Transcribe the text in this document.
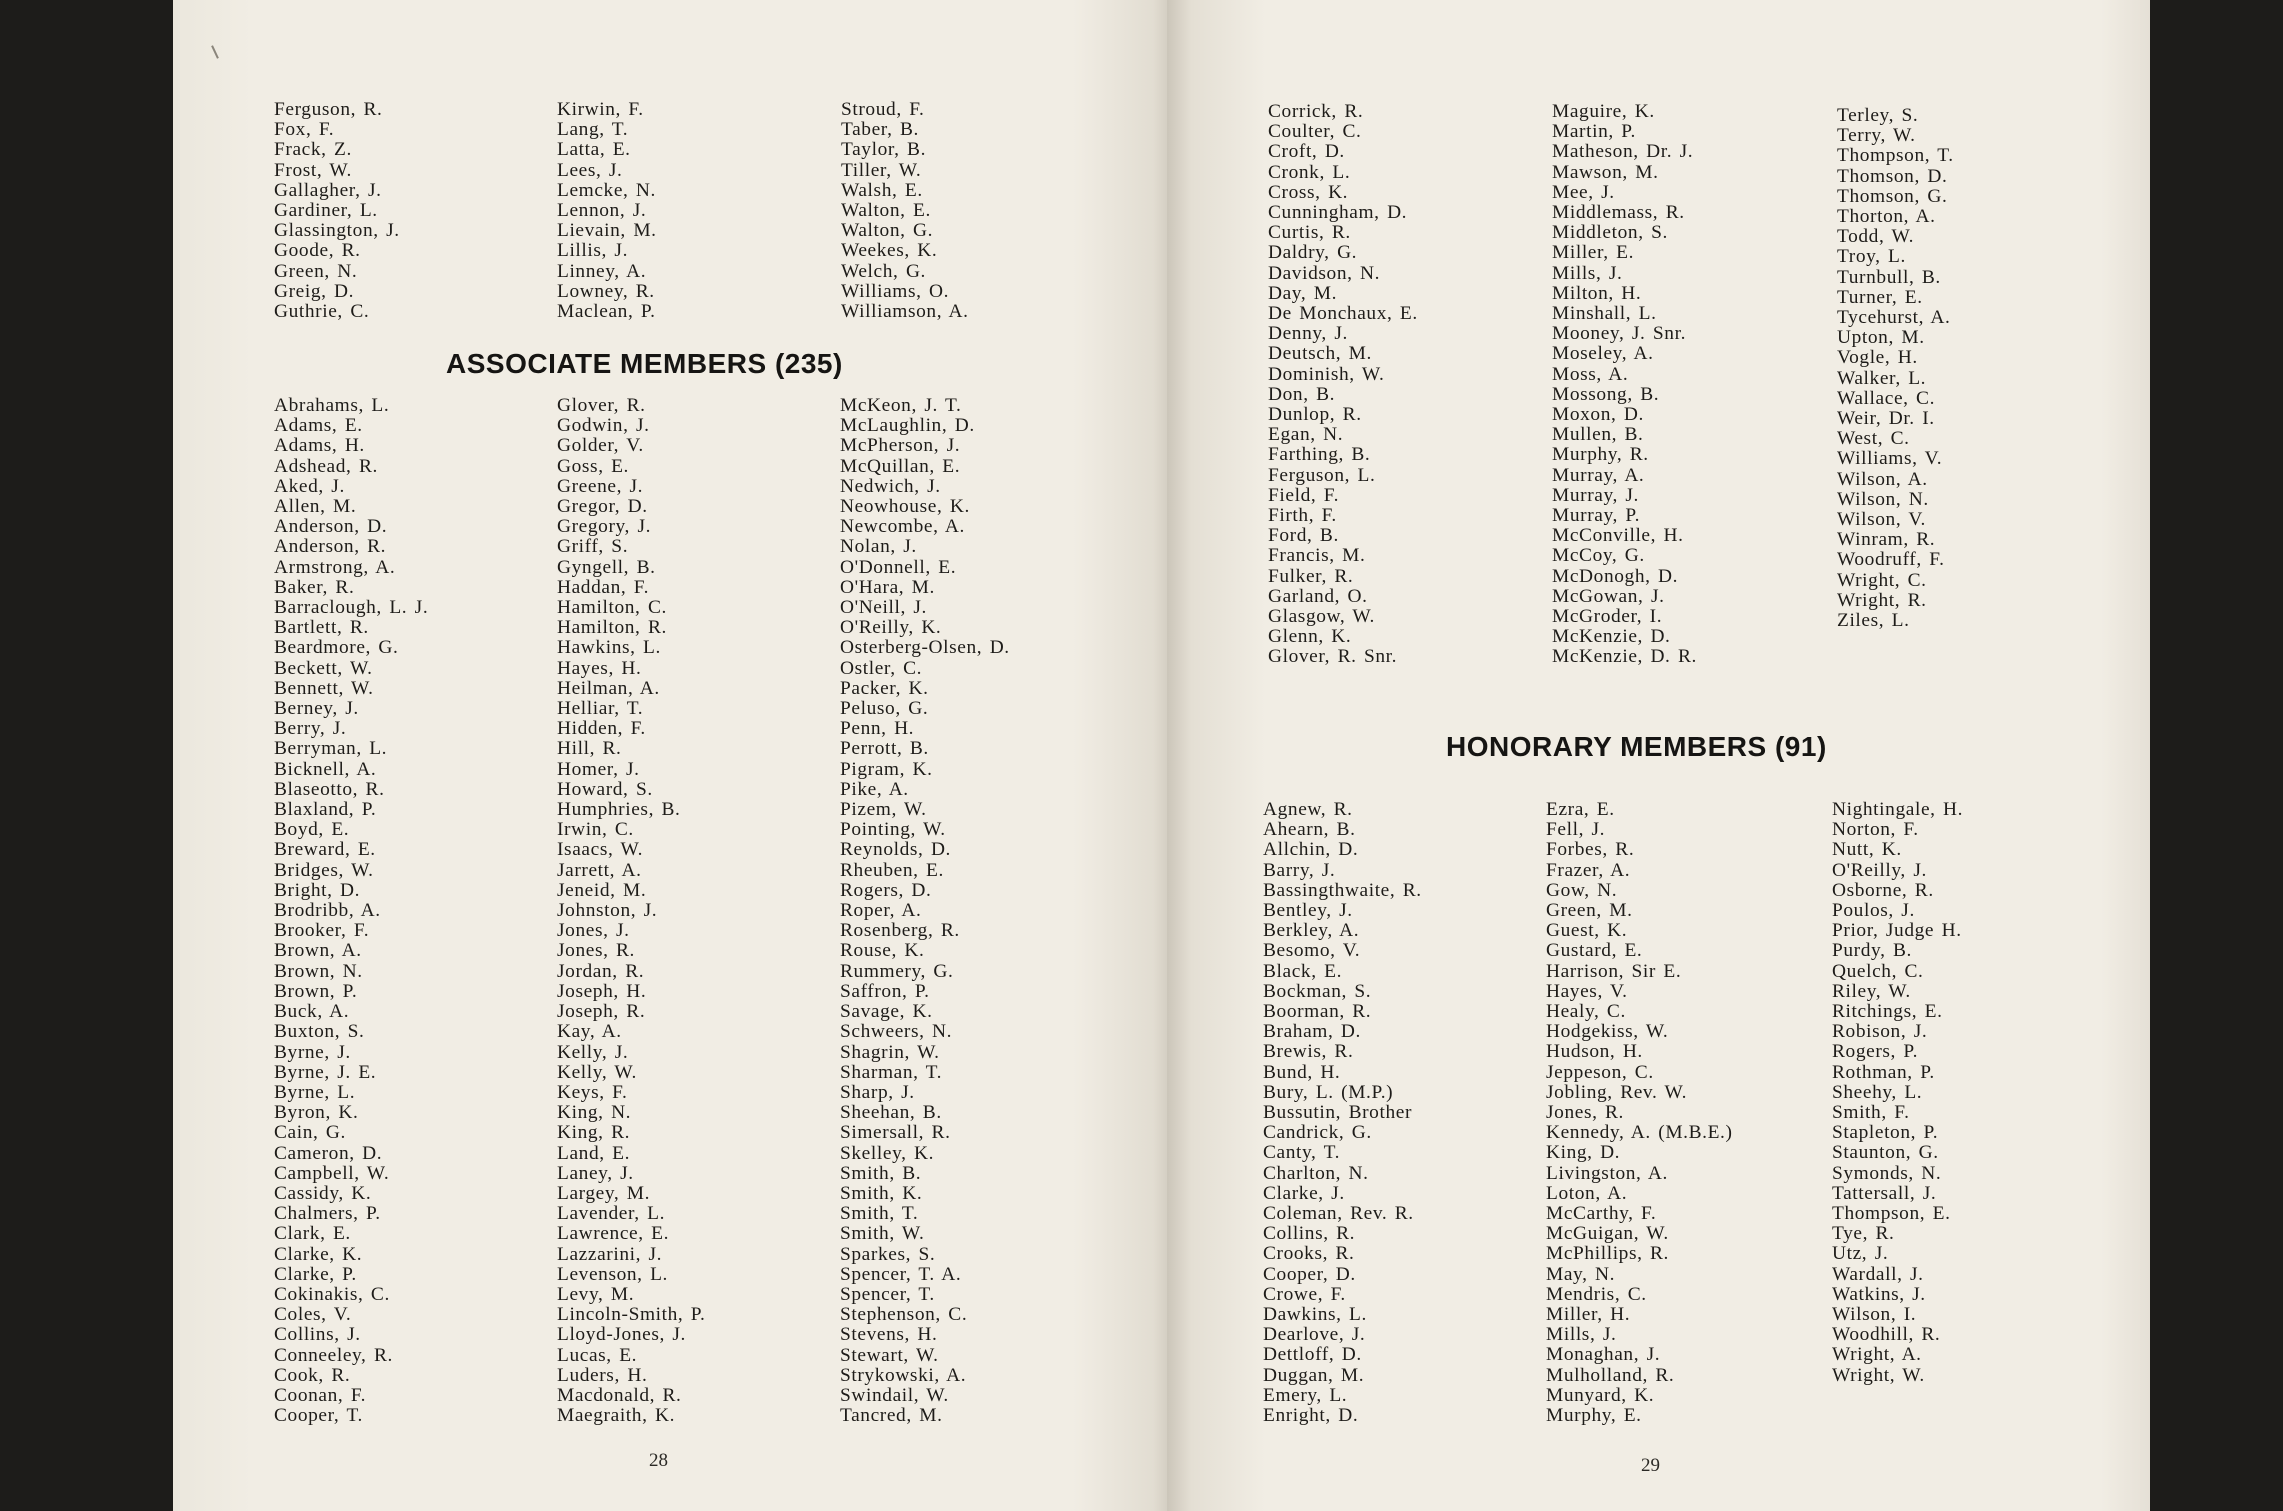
Ferguson, R.
Fox, F.
Frack, Z.
Frost, W.
Gallagher, J.
Gardiner, L.
Glassington, J.
Goode, R.
Green, N.
Greig, D.
Guthrie, C.
Kirwin, F.
Lang, T.
Latta, E.
Lees, J.
Lemcke, N.
Lennon, J.
Lievain, M.
Lillis, J.
Linney, A.
Lowney, R.
Maclean, P.
Stroud, F.
Taber, B.
Taylor, B.
Tiller, W.
Walsh, E.
Walton, E.
Walton, G.
Weekes, K.
Welch, G.
Williams, O.
Williamson, A.
ASSOCIATE MEMBERS (235)
Abrahams, L.
Adams, E.
Adams, H.
Adshead, R.
Aked, J.
Allen, M.
Anderson, D.
Anderson, R.
Armstrong, A.
Baker, R.
Barraclough, L. J.
Bartlett, R.
Beardmore, G.
Beckett, W.
Bennett, W.
Berney, J.
Berry, J.
Berryman, L.
Bicknell, A.
Blaseotto, R.
Blaxland, P.
Boyd, E.
Breward, E.
Bridges, W.
Bright, D.
Brodribb, A.
Brooker, F.
Brown, A.
Brown, N.
Brown, P.
Buck, A.
Buxton, S.
Byrne, J.
Byrne, J. E.
Byrne, L.
Byron, K.
Cain, G.
Cameron, D.
Campbell, W.
Cassidy, K.
Chalmers, P.
Clark, E.
Clarke, K.
Clarke, P.
Cokinakis, C.
Coles, V.
Collins, J.
Conneeley, R.
Cook, R.
Coonan, F.
Cooper, T.
Glover, R.
Godwin, J.
Golder, V.
Goss, E.
Greene, J.
Gregor, D.
Gregory, J.
Griff, S.
Gyngell, B.
Haddan, F.
Hamilton, C.
Hamilton, R.
Hawkins, L.
Hayes, H.
Heilman, A.
Helliar, T.
Hidden, F.
Hill, R.
Homer, J.
Howard, S.
Humphries, B.
Irwin, C.
Isaacs, W.
Jarrett, A.
Jeneid, M.
Johnston, J.
Jones, J.
Jones, R.
Jordan, R.
Joseph, H.
Joseph, R.
Kay, A.
Kelly, J.
Kelly, W.
Keys, F.
King, N.
King, R.
Land, E.
Laney, J.
Largey, M.
Lavender, L.
Lawrence, E.
Lazzarini, J.
Levenson, L.
Levy, M.
Lincoln-Smith, P.
Lloyd-Jones, J.
Lucas, E.
Luders, H.
Macdonald, R.
Maegraith, K.
McKeon, J. T.
McLaughlin, D.
McPherson, J.
McQuillan, E.
Nedwich, J.
Neowhouse, K.
Newcombe, A.
Nolan, J.
O'Donnell, E.
O'Hara, M.
O'Neill, J.
O'Reilly, K.
Osterberg-Olsen, D.
Ostler, C.
Packer, K.
Peluso, G.
Penn, H.
Perrott, B.
Pigram, K.
Pike, A.
Pizem, W.
Pointing, W.
Reynolds, D.
Rheuben, E.
Rogers, D.
Roper, A.
Rosenberg, R.
Rouse, K.
Rummery, G.
Saffron, P.
Savage, K.
Schweers, N.
Shagrin, W.
Sharman, T.
Sharp, J.
Sheehan, B.
Simersall, R.
Skelley, K.
Smith, B.
Smith, K.
Smith, T.
Smith, W.
Sparkes, S.
Spencer, T. A.
Spencer, T.
Stephenson, C.
Stevens, H.
Stewart, W.
Strykowski, A.
Swindail, W.
Tancred, M.
28
Corrick, R.
Coulter, C.
Croft, D.
Cronk, L.
Cross, K.
Cunningham, D.
Curtis, R.
Daldry, G.
Davidson, N.
Day, M.
De Monchaux, E.
Denny, J.
Deutsch, M.
Dominish, W.
Don, B.
Dunlop, R.
Egan, N.
Farthing, B.
Ferguson, L.
Field, F.
Firth, F.
Ford, B.
Francis, M.
Fulker, R.
Garland, O.
Glasgow, W.
Glenn, K.
Glover, R. Snr.
Maguire, K.
Martin, P.
Matheson, Dr. J.
Mawson, M.
Mee, J.
Middlemass, R.
Middleton, S.
Miller, E.
Mills, J.
Milton, H.
Minshall, L.
Mooney, J. Snr.
Moseley, A.
Moss, A.
Mossong, B.
Moxon, D.
Mullen, B.
Murphy, R.
Murray, A.
Murray, J.
Murray, P.
McConville, H.
McCoy, G.
McDonogh, D.
McGowan, J.
McGroder, I.
McKenzie, D.
McKenzie, D. R.
Terley, S.
Terry, W.
Thompson, T.
Thomson, D.
Thomson, G.
Thorton, A.
Todd, W.
Troy, L.
Turnbull, B.
Turner, E.
Tycehurst, A.
Upton, M.
Vogle, H.
Walker, L.
Wallace, C.
Weir, Dr. I.
West, C.
Williams, V.
Wilson, A.
Wilson, N.
Wilson, V.
Winram, R.
Woodruff, F.
Wright, C.
Wright, R.
Ziles, L.
HONORARY MEMBERS (91)
Agnew, R.
Ahearn, B.
Allchin, D.
Barry, J.
Bassingthwaite, R.
Bentley, J.
Berkley, A.
Besomo, V.
Black, E.
Bockman, S.
Boorman, R.
Braham, D.
Brewis, R.
Bund, H.
Bury, L. (M.P.)
Bussutin, Brother
Candrick, G.
Canty, T.
Charlton, N.
Clarke, J.
Coleman, Rev. R.
Collins, R.
Crooks, R.
Cooper, D.
Crowe, F.
Dawkins, L.
Dearlove, J.
Dettloff, D.
Duggan, M.
Emery, L.
Enright, D.
Ezra, E.
Fell, J.
Forbes, R.
Frazer, A.
Gow, N.
Green, M.
Guest, K.
Gustard, E.
Harrison, Sir E.
Hayes, V.
Healy, C.
Hodgekiss, W.
Hudson, H.
Jeppeson, C.
Jobling, Rev. W.
Jones, R.
Kennedy, A. (M.B.E.)
King, D.
Livingston, A.
Loton, A.
McCarthy, F.
McGuigan, W.
McPhillips, R.
May, N.
Mendris, C.
Miller, H.
Mills, J.
Monaghan, J.
Mulholland, R.
Munyard, K.
Murphy, E.
Nightingale, H.
Norton, F.
Nutt, K.
O'Reilly, J.
Osborne, R.
Poulos, J.
Prior, Judge H.
Purdy, B.
Quelch, C.
Riley, W.
Ritchings, E.
Robison, J.
Rogers, P.
Rothman, P.
Sheehy, L.
Smith, F.
Stapleton, P.
Staunton, G.
Symonds, N.
Tattersall, J.
Thompson, E.
Tye, R.
Utz, J.
Wardall, J.
Watkins, J.
Wilson, I.
Woodhill, R.
Wright, A.
Wright, W.
29
